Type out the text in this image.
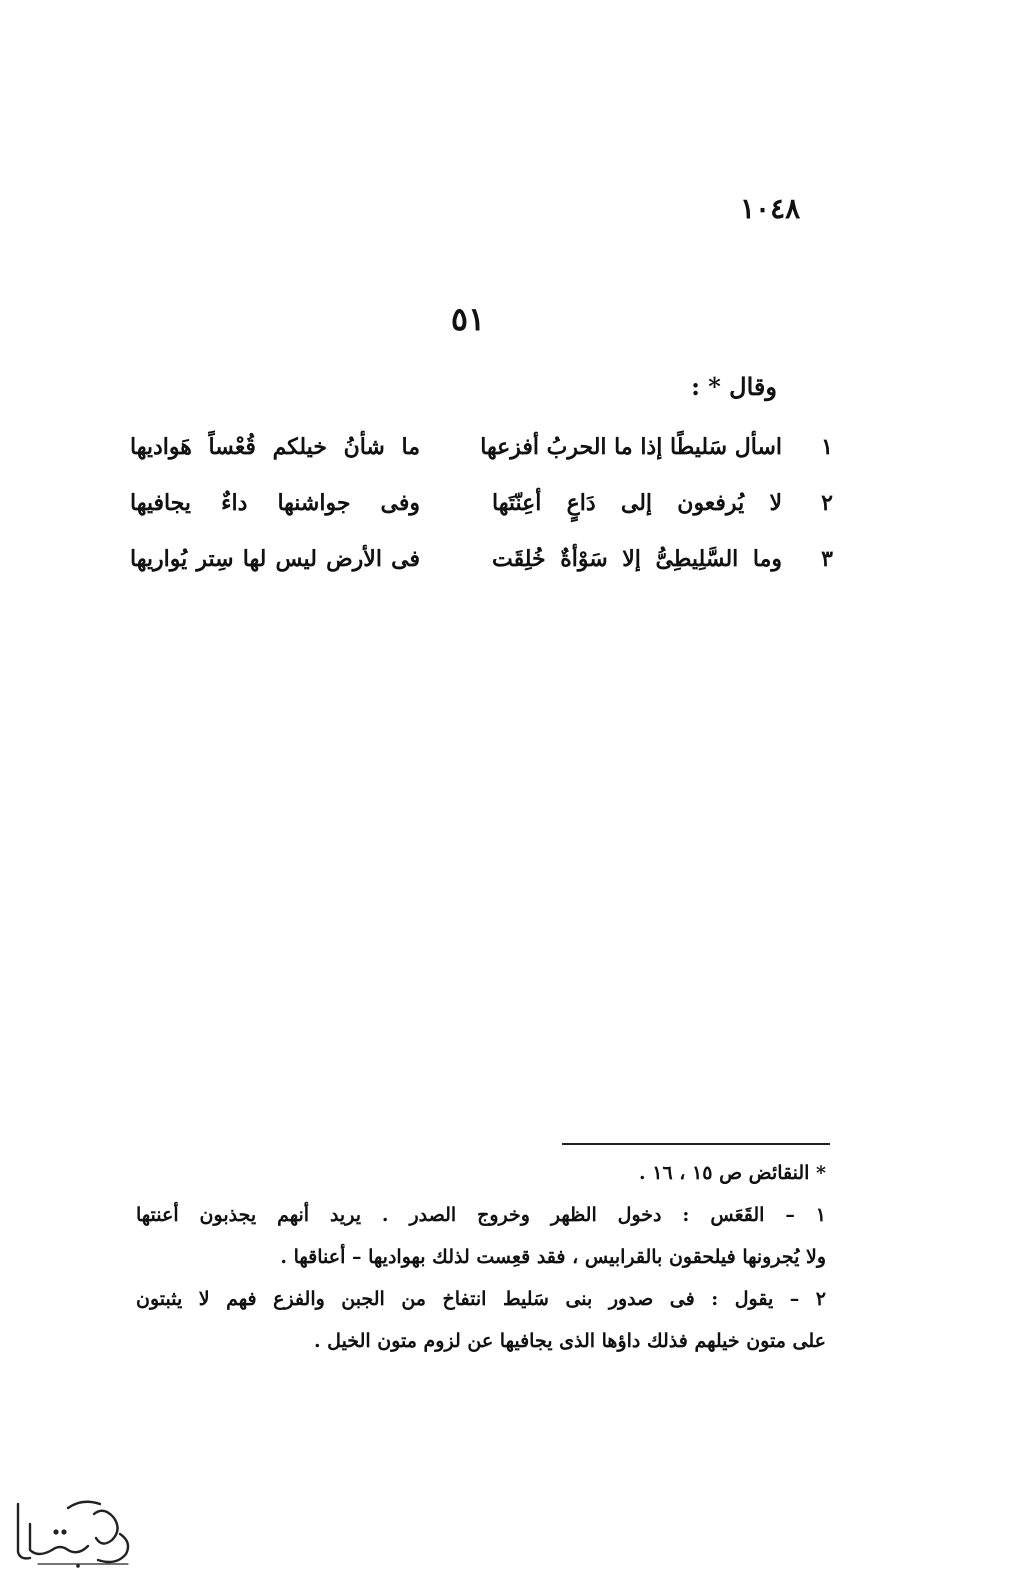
١٠٤٨
٥١
وقال * :
١
اسأل سَليطًا إذا ما الحربُ أفزعها
ما شأنُ خيلكم قُعْساً هَواديها
٢
لا يُرفعون إلى دَاعٍ أعِنّتَها
وفى جواشنها داءٌ يجافيها
٣
وما السَّلِيطِىُّ إلا سَوْأةٌ خُلِقَت
فى الأرض ليس لها سِتر يُواريها
* النقائض ص ١٥ ، ١٦ .
١ – القَعَس : دخول الظهر وخروج الصدر . يريد أنهم يجذبون أعنتها
ولا يُجرونها فيلحقون بالقرابيس ، فقد قعِست لذلك بهواديها – أعناقها .
٢ – يقول : فى صدور بنى سَليط انتفاخ من الجبن والفزع فهم لا يثبتون
على متون خيلهم فذلك داؤها الذى يجافيها عن لزوم متون الخيل .
